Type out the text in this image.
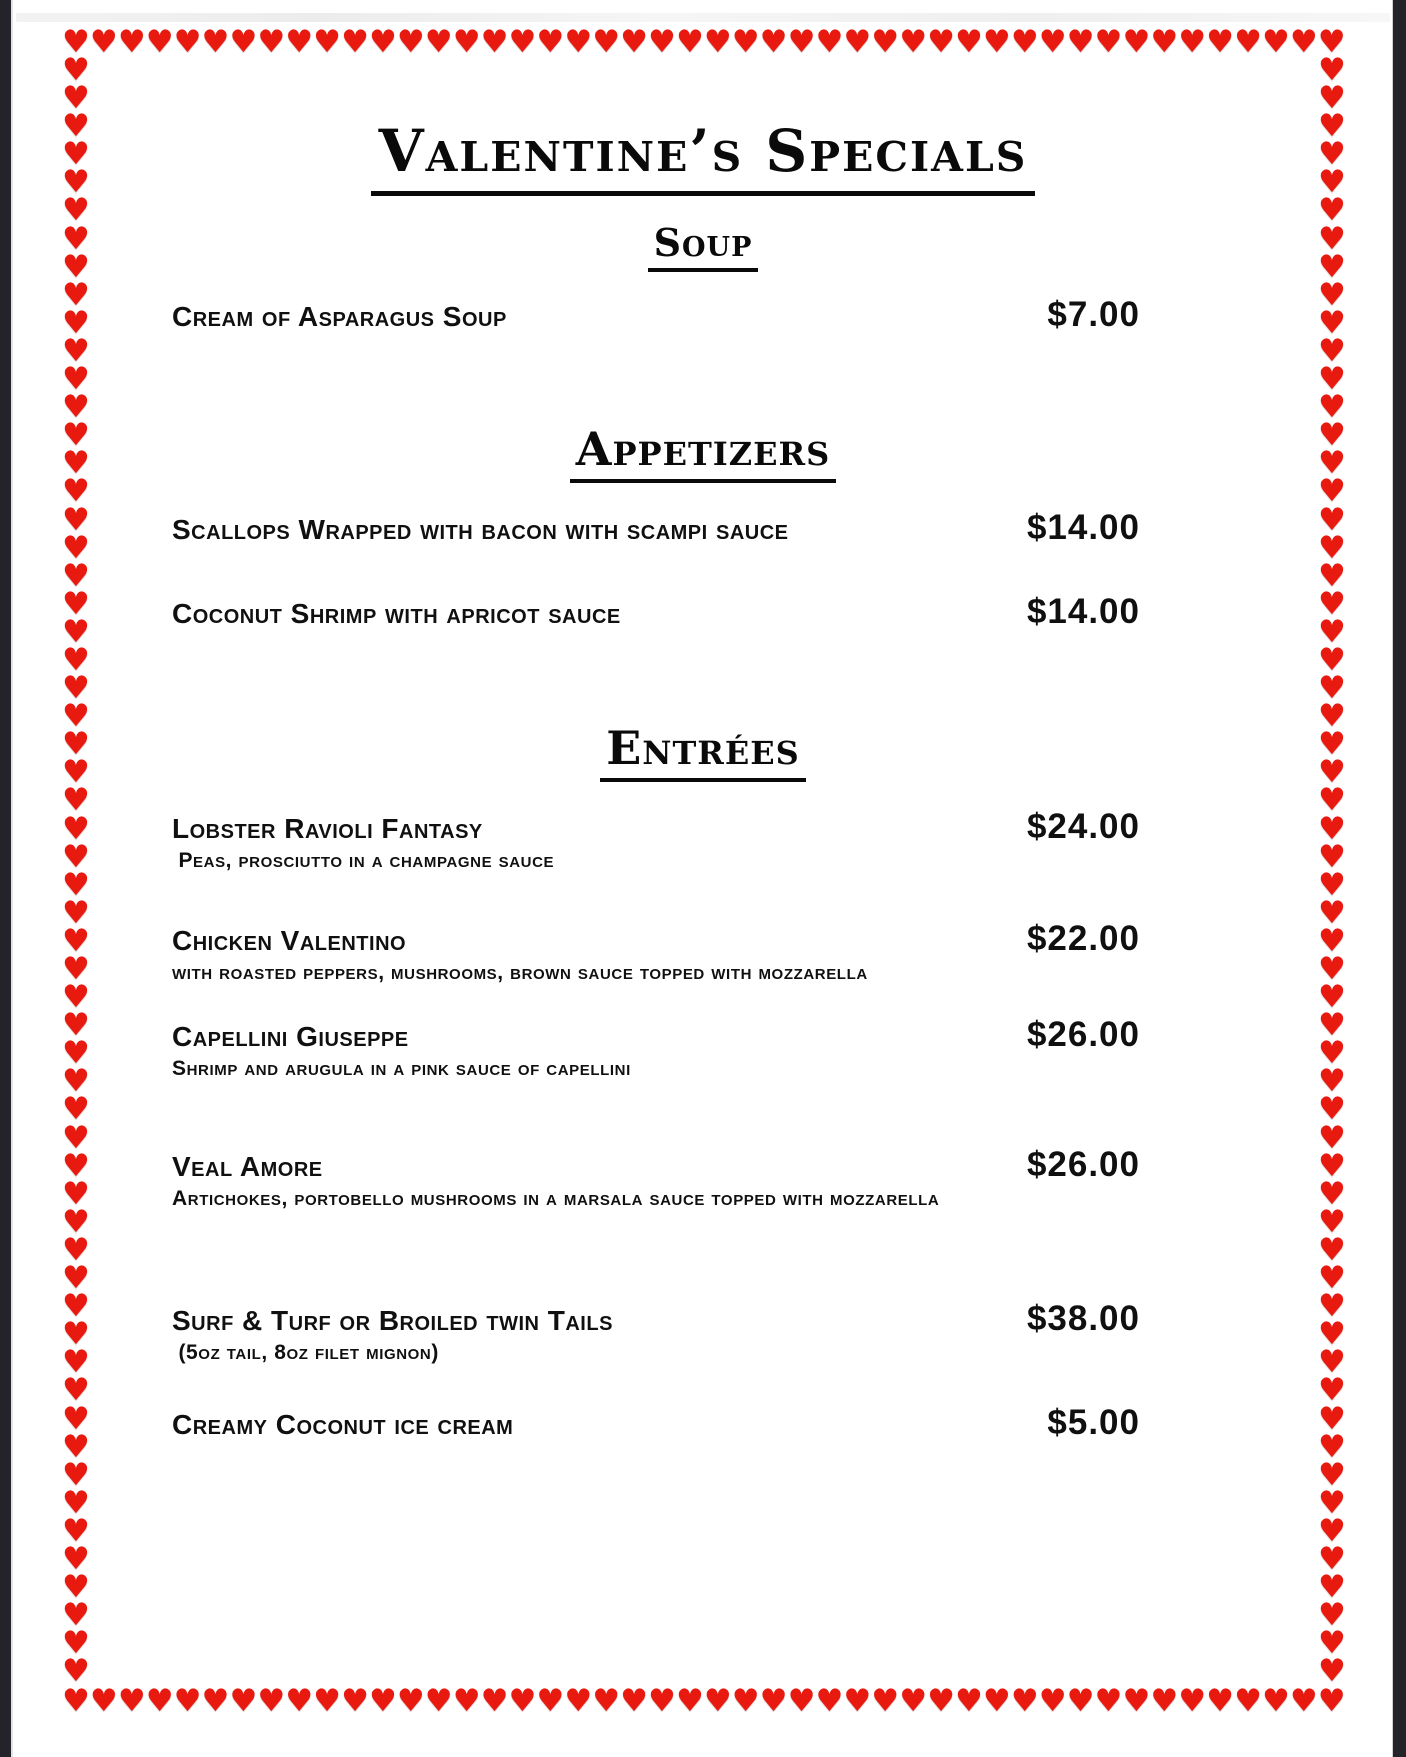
♥ ♥ ♥ ♥ ♥ ♥ ♥ ♥ ♥ ♥ ♥ ♥ ♥ ♥ ♥ ♥ ♥ ♥ ♥ ♥ ♥ ♥ ♥ ♥ ♥ ♥ ♥ ♥ ♥ ♥ ♥ ♥ ♥ ♥ ♥ ♥ ♥ ♥ ♥ ♥ ♥ ♥ ♥ ♥ ♥ ♥
♥ ♥ ♥ ♥ ♥ ♥ ♥ ♥ ♥ ♥ ♥ ♥ ♥ ♥ ♥ ♥ ♥ ♥ ♥ ♥ ♥ ♥ ♥ ♥ ♥ ♥ ♥ ♥ ♥ ♥ ♥ ♥ ♥ ♥ ♥ ♥ ♥ ♥ ♥ ♥ ♥ ♥ ♥ ♥ ♥ ♥
♥
♥
♥
♥
♥
♥
♥
♥
♥
♥
♥
♥
♥
♥
♥
♥
♥
♥
♥
♥
♥
♥
♥
♥
♥
♥
♥
♥
♥
♥
♥
♥
♥
♥
♥
♥
♥
♥
♥
♥
♥
♥
♥
♥
♥
♥
♥
♥
♥
♥
♥
♥
♥
♥
♥
♥
♥
♥
♥
♥
♥
♥
♥
♥
♥
♥
♥
♥
♥
♥
♥
♥
♥
♥
♥
♥
♥
♥
♥
♥
♥
♥
♥
♥
♥
♥
♥
♥
♥
♥
♥
♥
♥
♥
♥
♥
♥
♥
♥
♥
♥
♥
♥
♥
♥
♥
♥
♥
♥
♥
♥
♥
♥
♥
♥
♥
Valentine’s Specials
Soup
Cream of Asparagus Soup	$7.00
Appetizers
Scallops Wrapped with bacon with scampi sauce	$14.00
Coconut Shrimp with apricot sauce	$14.00
Entrées
Lobster Ravioli Fantasy	$24.00
Peas, prosciutto in a champagne sauce
Chicken Valentino	$22.00
with roasted peppers, mushrooms, brown sauce topped with mozzarella
Capellini Giuseppe	$26.00
Shrimp and arugula in a pink sauce of capellini
Veal Amore	$26.00
Artichokes, portobello mushrooms in a marsala sauce topped with mozzarella
Surf & Turf or Broiled twin Tails	$38.00
(5oz tail, 8oz filet mignon)
Creamy Coconut ice cream	$5.00
